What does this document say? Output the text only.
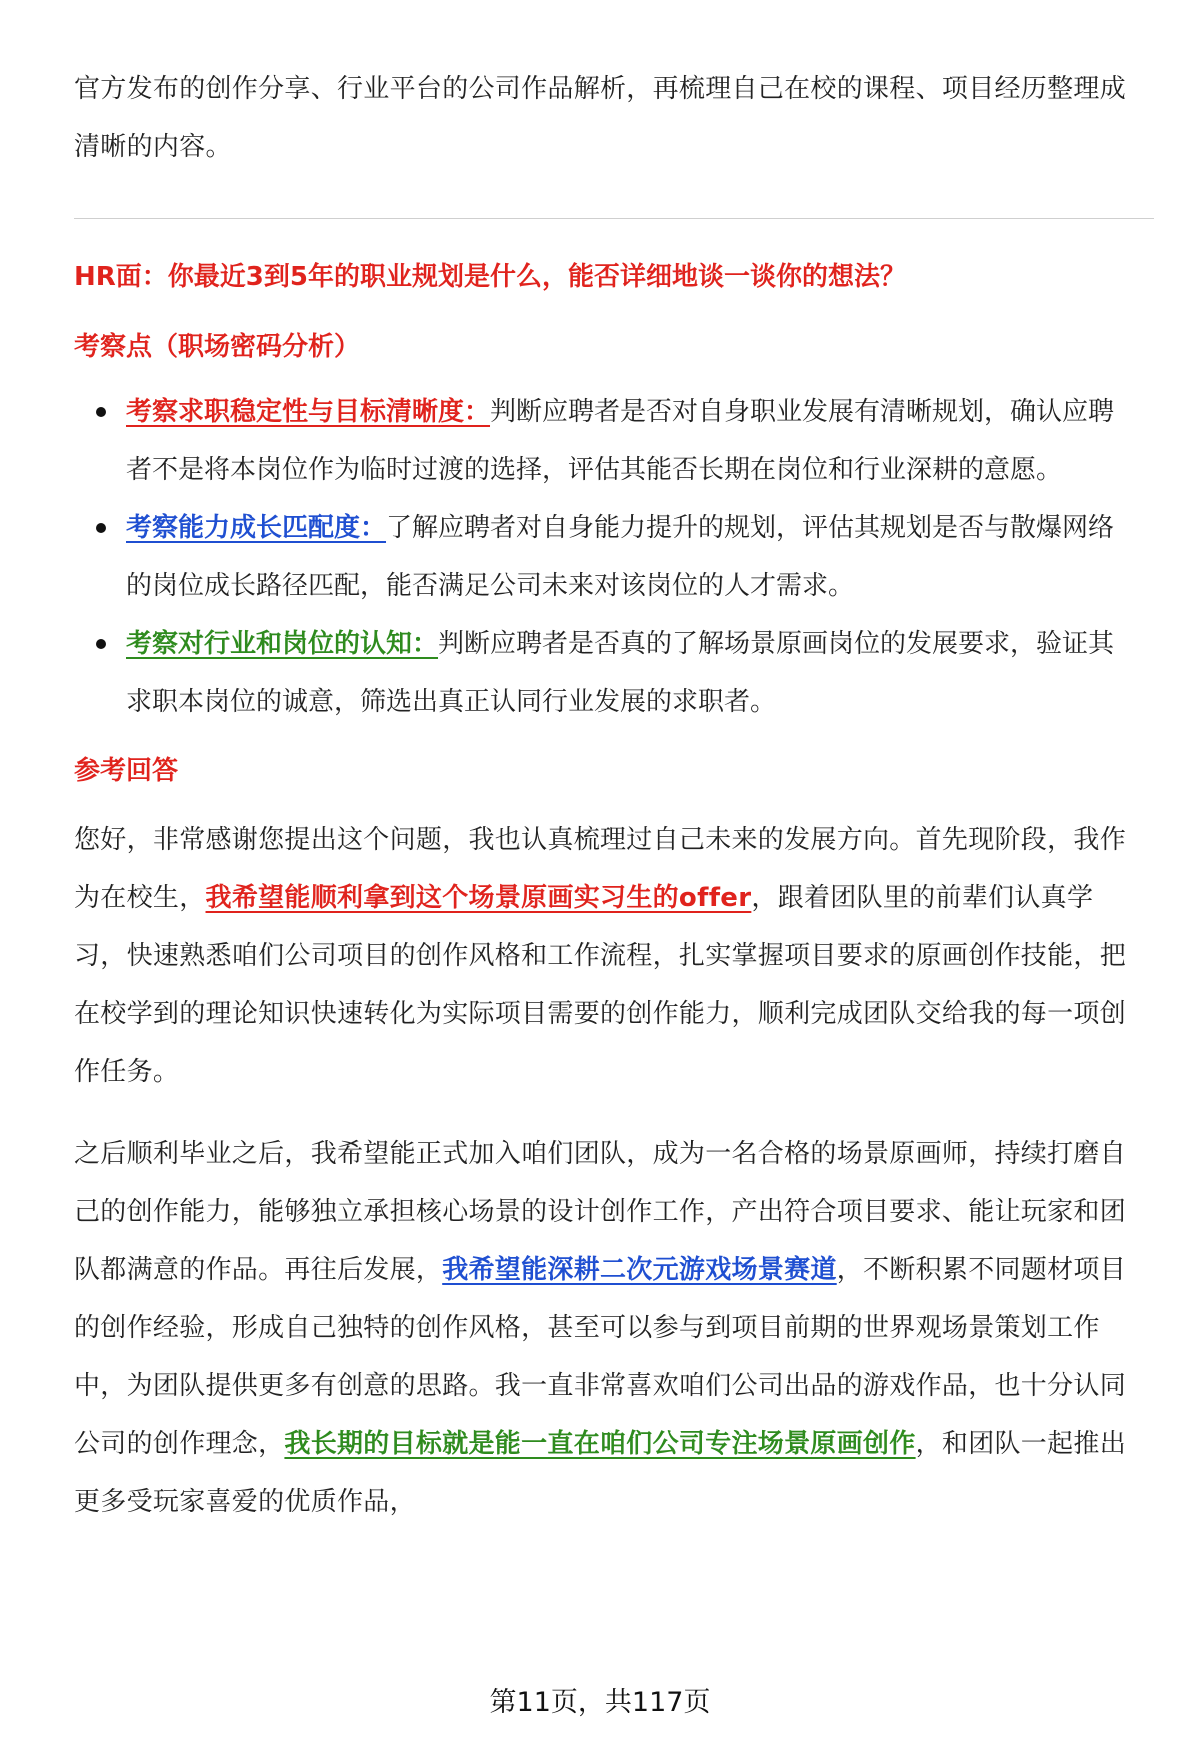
官方发布的创作分享、行业平台的公司作品解析，再梳理自己在校的课程、项目经历整理成清晰的内容。

HR面：你最近3到5年的职业规划是什么，能否详细地谈一谈你的想法？

考察点（职场密码分析）

考察求职稳定性与目标清晰度：判断应聘者是否对自身职业发展有清晰规划，确认应聘者不是将本岗位作为临时过渡的选择，评估其能否长期在岗位和行业深耕的意愿。
考察能力成长匹配度：了解应聘者对自身能力提升的规划，评估其规划是否与散爆网络的岗位成长路径匹配，能否满足公司未来对该岗位的人才需求。
考察对行业和岗位的认知：判断应聘者是否真的了解场景原画岗位的发展要求，验证其求职本岗位的诚意，筛选出真正认同行业发展的求职者。

参考回答

您好，非常感谢您提出这个问题，我也认真梳理过自己未来的发展方向。首先现阶段，我作为在校生，我希望能顺利拿到这个场景原画实习生的offer，跟着团队里的前辈们认真学习，快速熟悉咱们公司项目的创作风格和工作流程，扎实掌握项目要求的原画创作技能，把在校学到的理论知识快速转化为实际项目需要的创作能力，顺利完成团队交给我的每一项创作任务。

之后顺利毕业之后，我希望能正式加入咱们团队，成为一名合格的场景原画师，持续打磨自己的创作能力，能够独立承担核心场景的设计创作工作，产出符合项目要求、能让玩家和团队都满意的作品。再往后发展，我希望能深耕二次元游戏场景赛道，不断积累不同题材项目的创作经验，形成自己独特的创作风格，甚至可以参与到项目前期的世界观场景策划工作中，为团队提供更多有创意的思路。我一直非常喜欢咱们公司出品的游戏作品，也十分认同公司的创作理念，我长期的目标就是能一直在咱们公司专注场景原画创作，和团队一起推出更多受玩家喜爱的优质作品，

第11页，共117页
